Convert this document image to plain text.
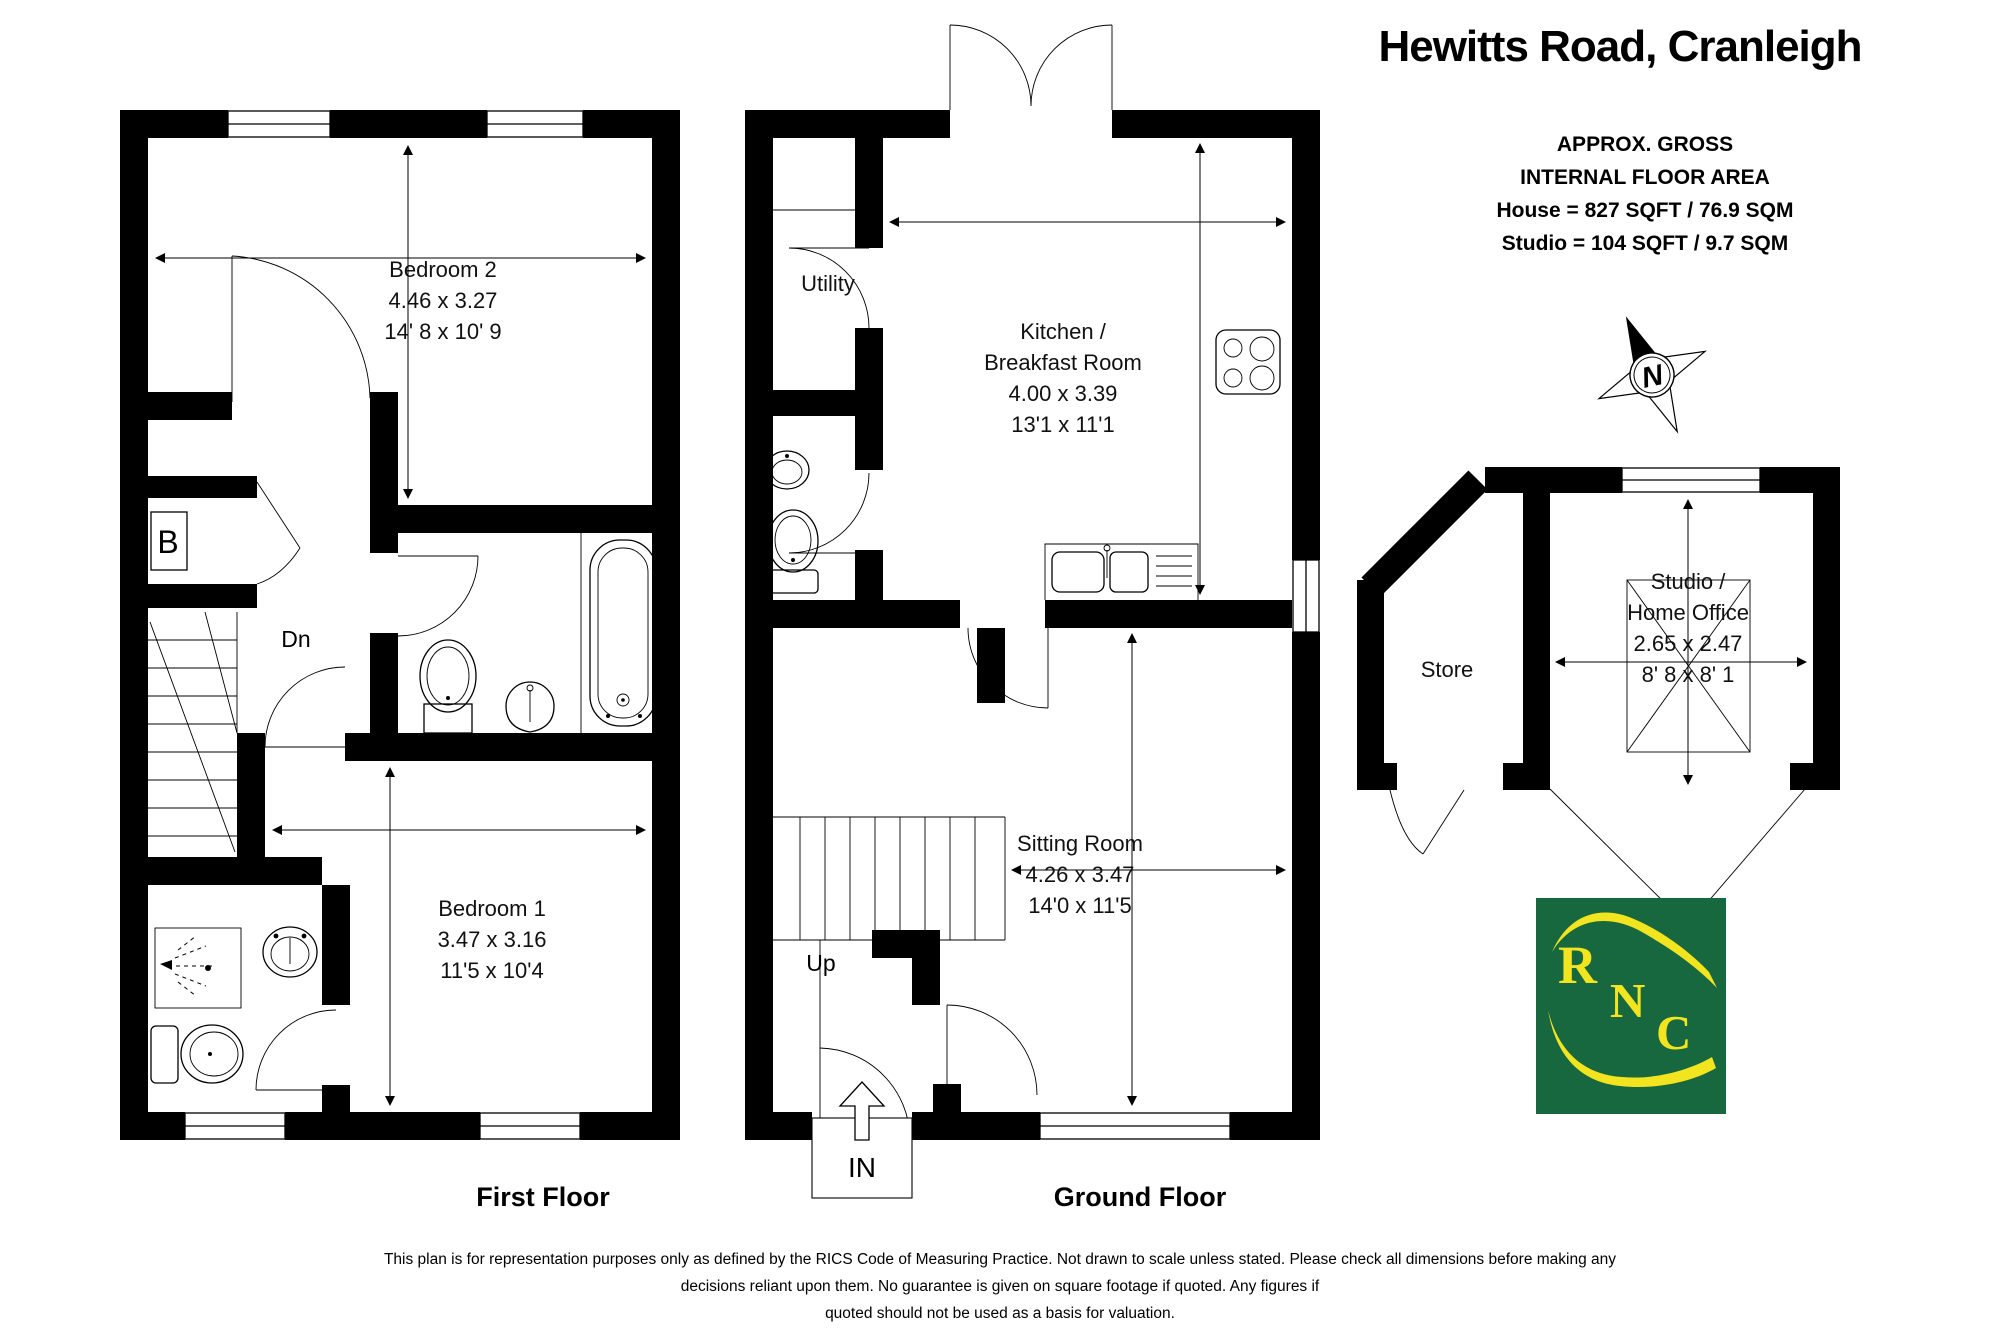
N
Hewitts Road, Cranleigh
APPROX. GROSS
INTERNAL FLOOR AREA
House = 827 SQFT / 76.9 SQM
Studio = 104 SQFT / 9.7 SQM
Bedroom 2
4.46 x 3.27
14' 8 x 10' 9
Bedroom 1
3.47 x 3.16
11'5 x 10'4
B
Dn
Utility
Kitchen /
Breakfast Room
4.00 x 3.39
13'1 x 11'1
Sitting Room
4.26 x 3.47
14'0 x 11'5
Up
IN
Store
Studio /
Home Office
2.65 x 2.47
8' 8 x 8' 1
First Floor	Ground Floor
R
N
C
This plan is for representation purposes only as defined by the RICS Code of Measuring Practice. Not drawn to scale unless stated. Please check all dimensions before making any
decisions reliant upon them. No guarantee is given on square footage if quoted. Any figures if
quoted should not be used as a basis for valuation.
